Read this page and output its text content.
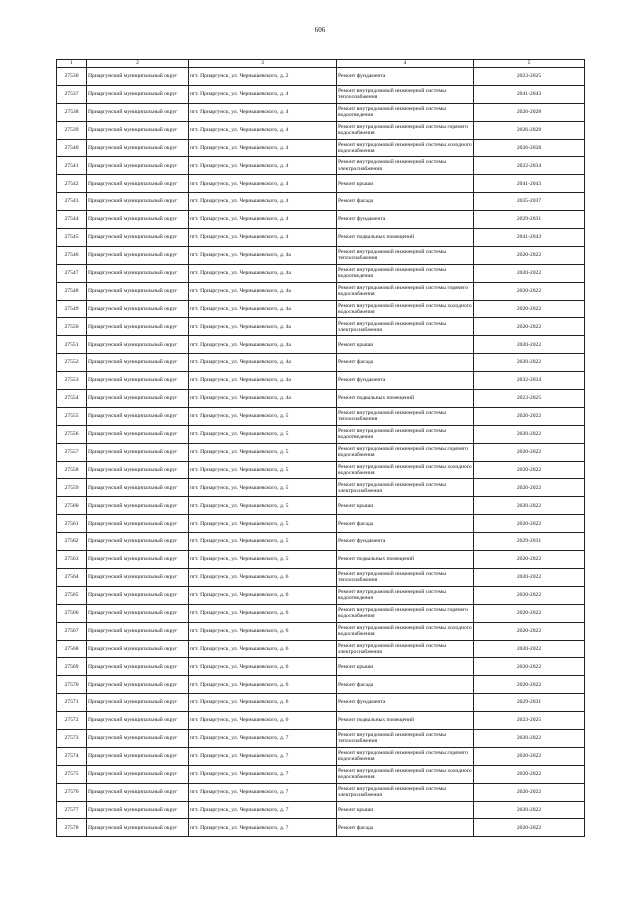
606
1	2	3	4	5
27536	Приаргунский муниципальный округ	пгт. Приаргунск, ул. Чернышевского, д. 2	Ремонт фундамента	2023-2025
27537	Приаргунский муниципальный округ	пгт. Приаргунск, ул. Чернышевского, д. 4	Ремонт внутридомовой инженерной системы теплоснабжения	2041-2043
27538	Приаргунский муниципальный округ	пгт. Приаргунск, ул. Чернышевского, д. 4	Ремонт внутридомовой инженерной системы водоотведения	2026-2028
27539	Приаргунский муниципальный округ	пгт. Приаргунск, ул. Чернышевского, д. 4	Ремонт внутридомовой инженерной системы горячего водоснабжения	2026-2028
27540	Приаргунский муниципальный округ	пгт. Приаргунск, ул. Чернышевского, д. 4	Ремонт внутридомовой инженерной системы холодного водоснабжения	2026-2028
27541	Приаргунский муниципальный округ	пгт. Приаргунск, ул. Чернышевского, д. 4	Ремонт внутридомовой инженерной системы электроснабжения	2032-2034
27542	Приаргунский муниципальный округ	пгт. Приаргунск, ул. Чернышевского, д. 4	Ремонт крыши	2041-2043
27543	Приаргунский муниципальный округ	пгт. Приаргунск, ул. Чернышевского, д. 4	Ремонт фасада	2035-2037
27544	Приаргунский муниципальный округ	пгт. Приаргунск, ул. Чернышевского, д. 4	Ремонт фундамента	2029-2031
27545	Приаргунский муниципальный округ	пгт. Приаргунск, ул. Чернышевского, д. 4	Ремонт подвальных помещений	2041-2043
27546	Приаргунский муниципальный округ	пгт. Приаргунск, ул. Чернышевского, д. 4а	Ремонт внутридомовой инженерной системы теплоснабжения	2020-2022
27547	Приаргунский муниципальный округ	пгт. Приаргунск, ул. Чернышевского, д. 4а	Ремонт внутридомовой инженерной системы водоотведения	2020-2022
27548	Приаргунский муниципальный округ	пгт. Приаргунск, ул. Чернышевского, д. 4а	Ремонт внутридомовой инженерной системы горячего водоснабжения	2020-2022
27549	Приаргунский муниципальный округ	пгт. Приаргунск, ул. Чернышевского, д. 4а	Ремонт внутридомовой инженерной системы холодного водоснабжения	2020-2022
27550	Приаргунский муниципальный округ	пгт. Приаргунск, ул. Чернышевского, д. 4а	Ремонт внутридомовой инженерной системы электроснабжения	2020-2022
27551	Приаргунский муниципальный округ	пгт. Приаргунск, ул. Чернышевского, д. 4а	Ремонт крыши	2020-2022
27552	Приаргунский муниципальный округ	пгт. Приаргунск, ул. Чернышевского, д. 4а	Ремонт фасада	2020-2022
27553	Приаргунский муниципальный округ	пгт. Приаргунск, ул. Чернышевского, д. 4а	Ремонт фундамента	2032-2034
27554	Приаргунский муниципальный округ	пгт. Приаргунск, ул. Чернышевского, д. 4а	Ремонт подвальных помещений	2023-2025
27555	Приаргунский муниципальный округ	пгт. Приаргунск, ул. Чернышевского, д. 5	Ремонт внутридомовой инженерной системы теплоснабжения	2020-2022
27556	Приаргунский муниципальный округ	пгт. Приаргунск, ул. Чернышевского, д. 5	Ремонт внутридомовой инженерной системы водоотведения	2020-2022
27557	Приаргунский муниципальный округ	пгт. Приаргунск, ул. Чернышевского, д. 5	Ремонт внутридомовой инженерной системы горячего водоснабжения	2020-2022
27558	Приаргунский муниципальный округ	пгт. Приаргунск, ул. Чернышевского, д. 5	Ремонт внутридомовой инженерной системы холодного водоснабжения	2020-2022
27559	Приаргунский муниципальный округ	пгт. Приаргунск, ул. Чернышевского, д. 5	Ремонт внутридомовой инженерной системы электроснабжения	2020-2022
27560	Приаргунский муниципальный округ	пгт. Приаргунск, ул. Чернышевского, д. 5	Ремонт крыши	2020-2022
27561	Приаргунский муниципальный округ	пгт. Приаргунск, ул. Чернышевского, д. 5	Ремонт фасада	2020-2022
27562	Приаргунский муниципальный округ	пгт. Приаргунск, ул. Чернышевского, д. 5	Ремонт фундамента	2029-2031
27563	Приаргунский муниципальный округ	пгт. Приаргунск, ул. Чернышевского, д. 5	Ремонт подвальных помещений	2020-2022
27564	Приаргунский муниципальный округ	пгт. Приаргунск, ул. Чернышевского, д. 6	Ремонт внутридомовой инженерной системы теплоснабжения	2020-2022
27565	Приаргунский муниципальный округ	пгт. Приаргунск, ул. Чернышевского, д. 6	Ремонт внутридомовой инженерной системы водоотведения	2020-2022
27566	Приаргунский муниципальный округ	пгт. Приаргунск, ул. Чернышевского, д. 6	Ремонт внутридомовой инженерной системы горячего водоснабжения	2020-2022
27567	Приаргунский муниципальный округ	пгт. Приаргунск, ул. Чернышевского, д. 6	Ремонт внутридомовой инженерной системы холодного водоснабжения	2020-2022
27568	Приаргунский муниципальный округ	пгт. Приаргунск, ул. Чернышевского, д. 6	Ремонт внутридомовой инженерной системы электроснабжения	2020-2022
27569	Приаргунский муниципальный округ	пгт. Приаргунск, ул. Чернышевского, д. 6	Ремонт крыши	2020-2022
27570	Приаргунский муниципальный округ	пгт. Приаргунск, ул. Чернышевского, д. 6	Ремонт фасада	2020-2022
27571	Приаргунский муниципальный округ	пгт. Приаргунск, ул. Чернышевского, д. 6	Ремонт фундамента	2029-2031
27572	Приаргунский муниципальный округ	пгт. Приаргунск, ул. Чернышевского, д. 6	Ремонт подвальных помещений	2023-2025
27573	Приаргунский муниципальный округ	пгт. Приаргунск, ул. Чернышевского, д. 7	Ремонт внутридомовой инженерной системы теплоснабжения	2020-2022
27574	Приаргунский муниципальный округ	пгт. Приаргунск, ул. Чернышевского, д. 7	Ремонт внутридомовой инженерной системы горячего водоснабжения	2020-2022
27575	Приаргунский муниципальный округ	пгт. Приаргунск, ул. Чернышевского, д. 7	Ремонт внутридомовой инженерной системы холодного водоснабжения	2020-2022
27576	Приаргунский муниципальный округ	пгт. Приаргунск, ул. Чернышевского, д. 7	Ремонт внутридомовой инженерной системы электроснабжения	2020-2022
27577	Приаргунский муниципальный округ	пгт. Приаргунск, ул. Чернышевского, д. 7	Ремонт крыши	2020-2022
27578	Приаргунский муниципальный округ	пгт. Приаргунск, ул. Чернышевского, д. 7	Ремонт фасада	2020-2022
